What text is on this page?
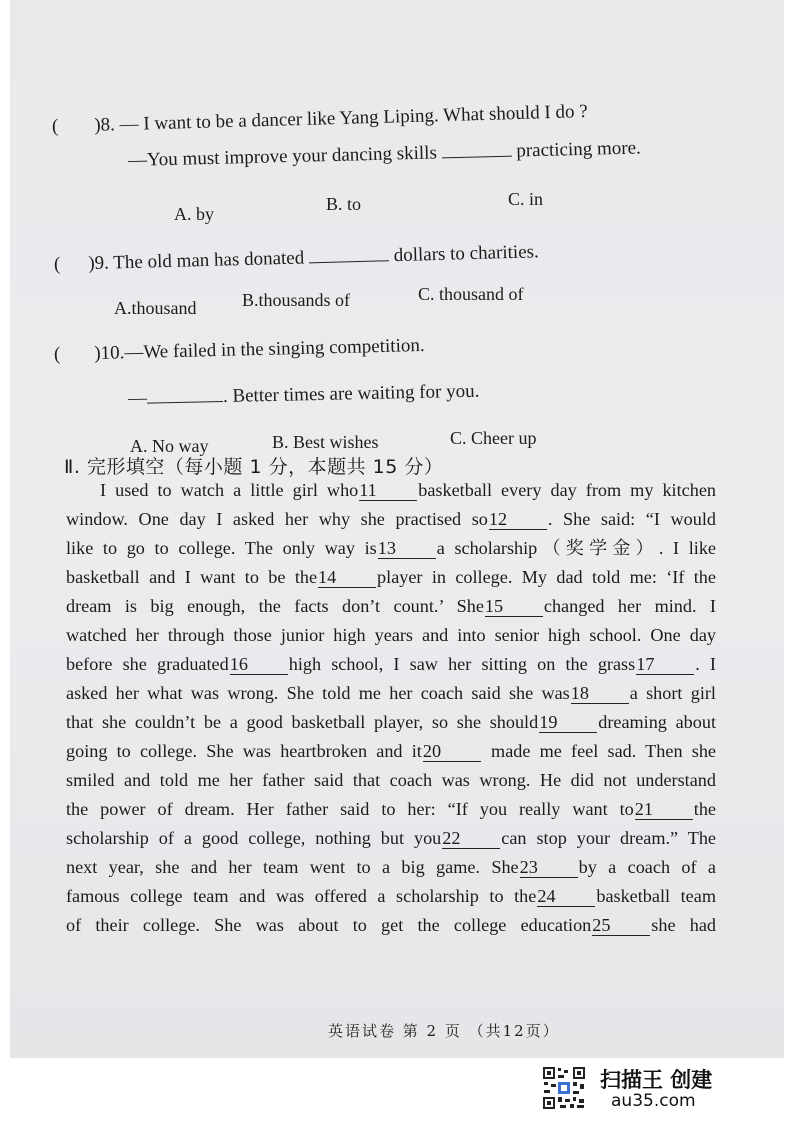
( )8. — I want to be a dancer like Yang Liping. What should I do ?
—You must improve your dancing skills	practicing more.
A. by	B. to	C. in
( )9. The old man has donated	dollars to charities.
A.thousand	B.thousands of	C. thousand of
( )10.—We failed in the singing competition.
—	. Better times are waiting for you.
A. No way	B. Best wishes	C. Cheer up
Ⅱ. 完形填空（每小题 1 分，本题共 15 分）
I used to watch a little girl who11 basketball every day from my kitchen
window. One day I asked her why she practised so12 . She said: “I would
like to go to college. The only way is13 a scholarship（奖学金）. I like
basketball and I want to be the14 player in college. My dad told me: ‘If the
dream is big enough, the facts don’t count.’ She15 changed her mind. I
watched her through those junior high years and into senior high school. One day
before she graduated16 high school, I saw her sitting on the grass17 . I
asked her what was wrong. She told me her coach said she was18 a short girl
that she couldn’t be a good basketball player, so she should19 dreaming about
going to college. She was heartbroken and it20 made me feel sad. Then she
smiled and told me her father said that coach was wrong. He did not understand
the power of dream. Her father said to her: “If you really want to21 the
scholarship of a good college, nothing but you22 can stop your dream.” The
next year, she and her team went to a big game. She23 by a coach of a
famous college team and was offered a scholarship to the24 basketball team
of their college. She was about to get the college education25 she had
英语试卷 第 2 页 （共12页）
扫描王 创建
au35.com
